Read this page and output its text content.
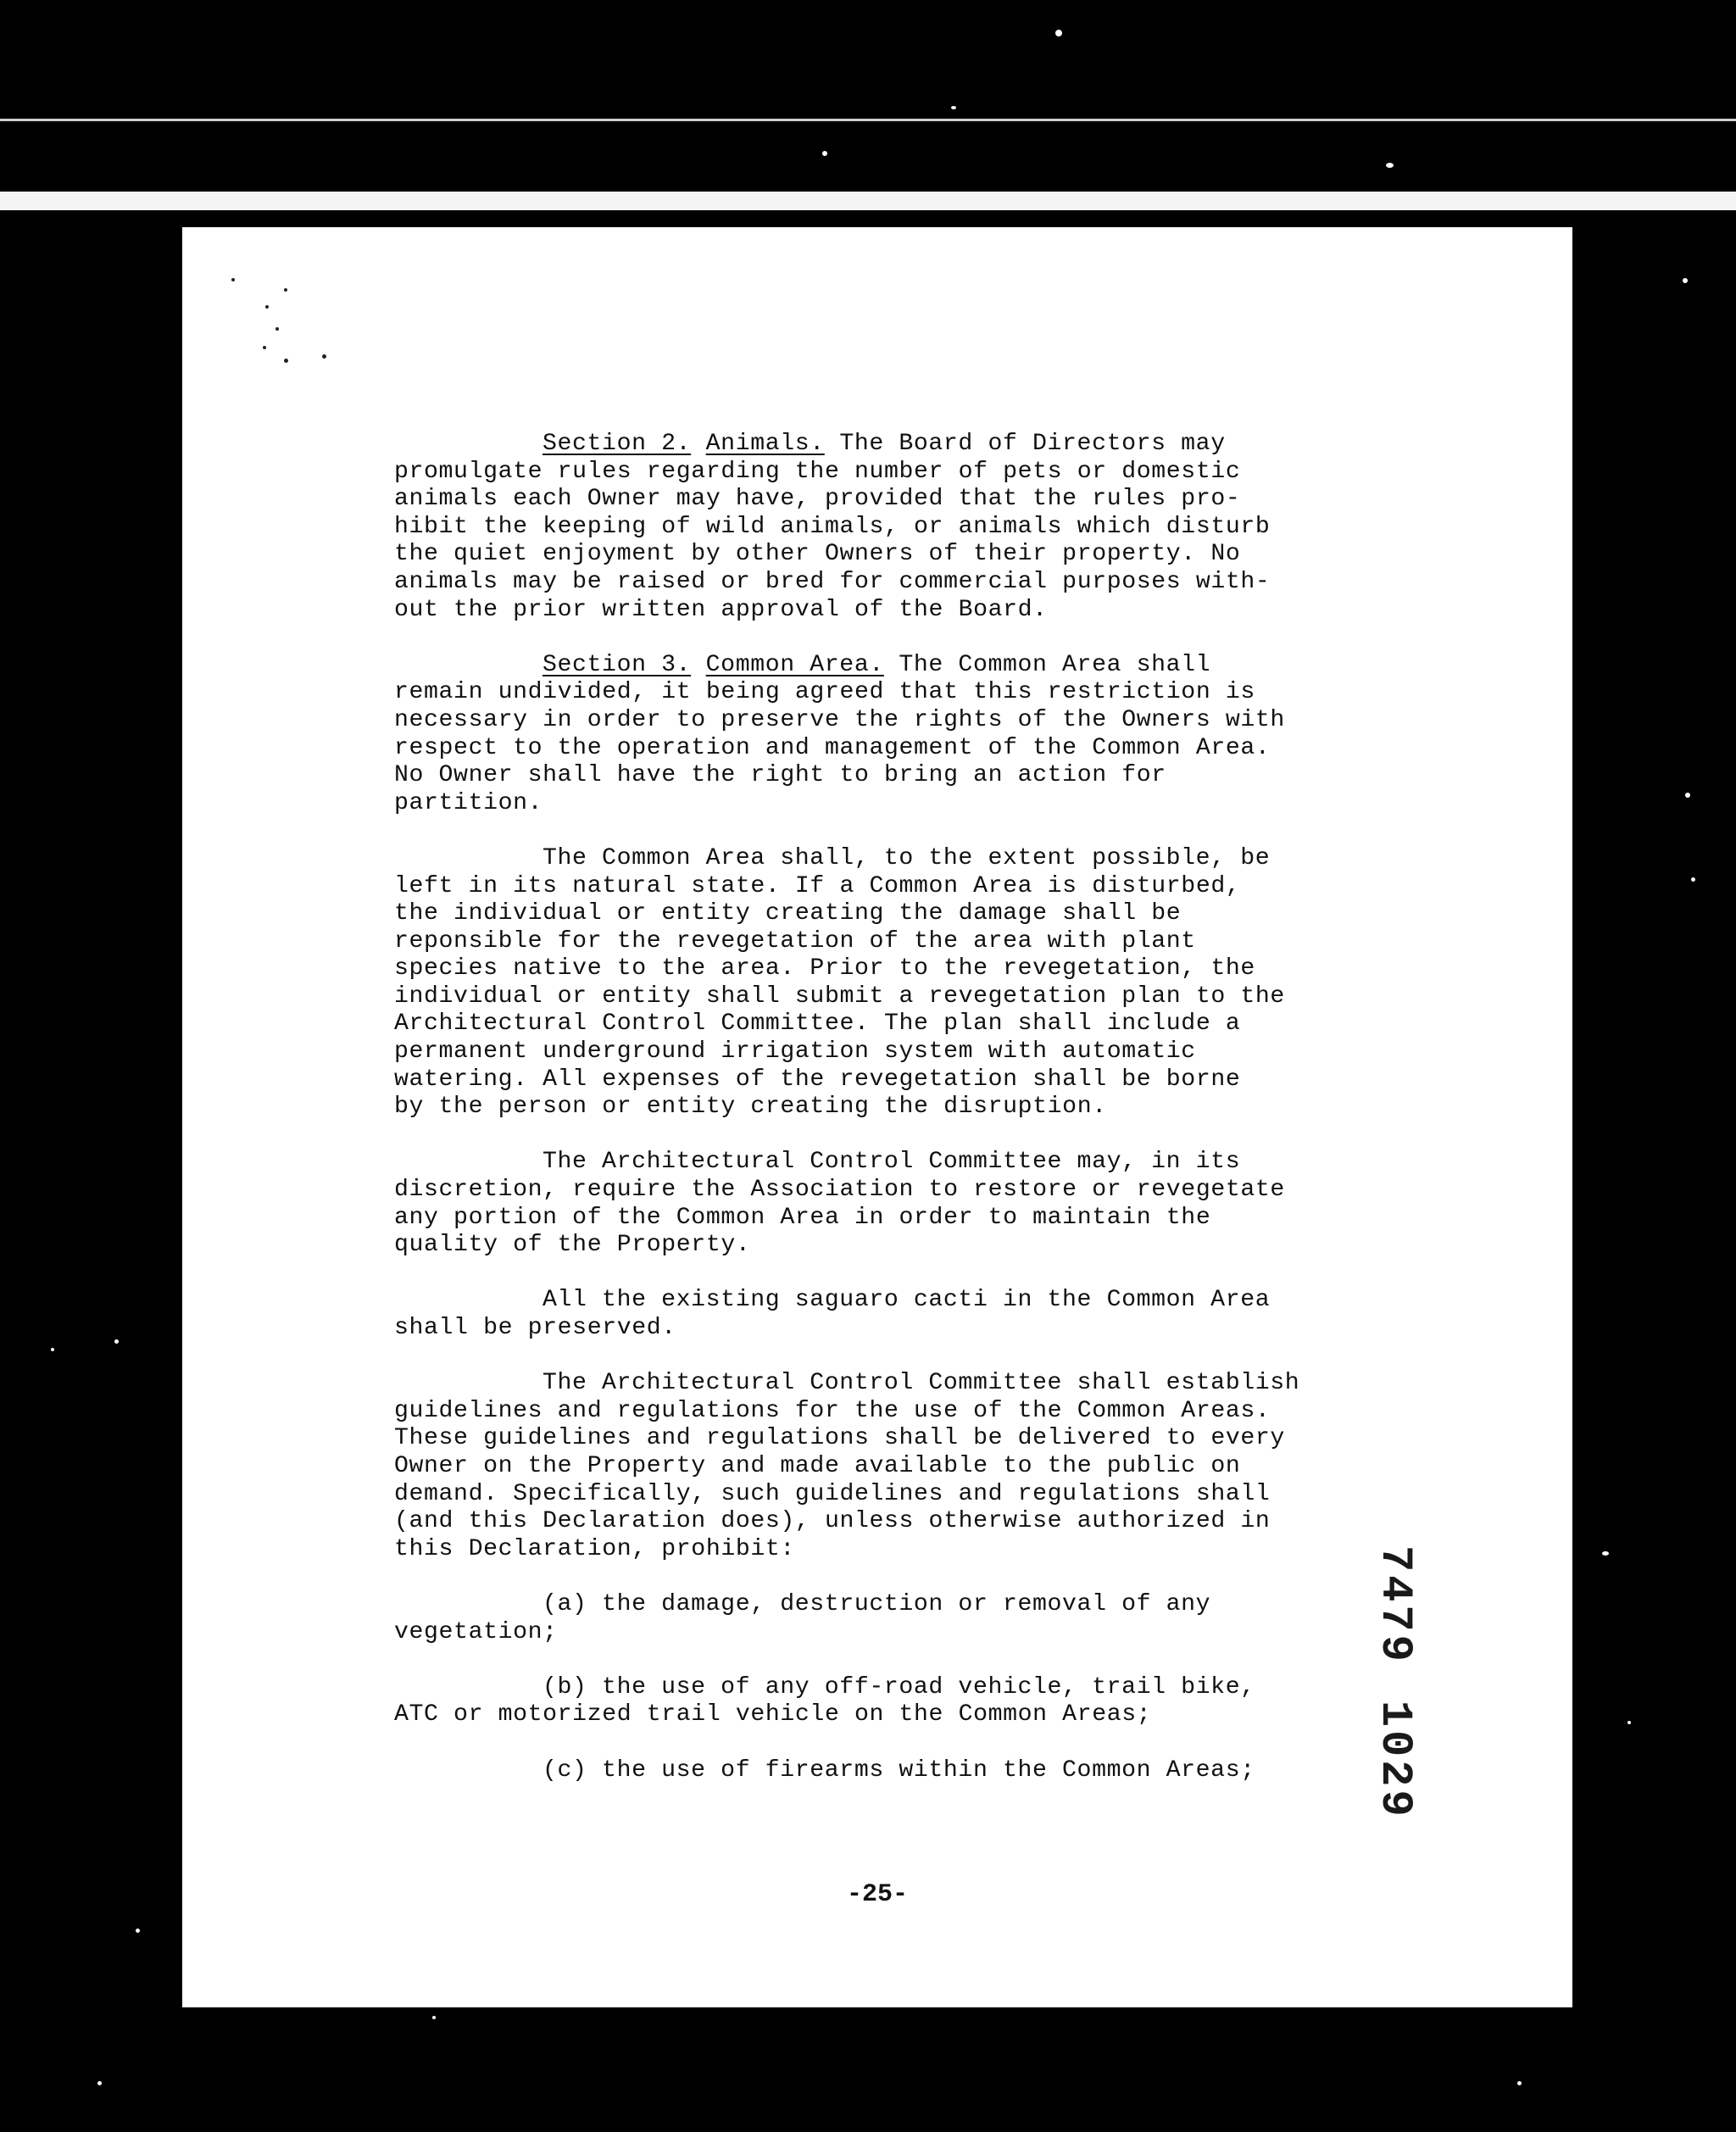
Section 2. Animals. The Board of Directors may
promulgate rules regarding the number of pets or domestic
animals each Owner may have, provided that the rules pro-
hibit the keeping of wild animals, or animals which disturb
the quiet enjoyment by other Owners of their property. No
animals may be raised or bred for commercial purposes with-
out the prior written approval of the Board.
Section 3. Common Area. The Common Area shall
remain undivided, it being agreed that this restriction is
necessary in order to preserve the rights of the Owners with
respect to the operation and management of the Common Area.
No Owner shall have the right to bring an action for
partition.
The Common Area shall, to the extent possible, be
left in its natural state. If a Common Area is disturbed,
the individual or entity creating the damage shall be
reponsible for the revegetation of the area with plant
species native to the area. Prior to the revegetation, the
individual or entity shall submit a revegetation plan to the
Architectural Control Committee. The plan shall include a
permanent underground irrigation system with automatic
watering. All expenses of the revegetation shall be borne
by the person or entity creating the disruption.
The Architectural Control Committee may, in its
discretion, require the Association to restore or revegetate
any portion of the Common Area in order to maintain the
quality of the Property.
All the existing saguaro cacti in the Common Area
shall be preserved.
The Architectural Control Committee shall establish
guidelines and regulations for the use of the Common Areas.
These guidelines and regulations shall be delivered to every
Owner on the Property and made available to the public on
demand. Specifically, such guidelines and regulations shall
(and this Declaration does), unless otherwise authorized in
this Declaration, prohibit:
(a) the damage, destruction or removal of any
vegetation;
(b) the use of any off-road vehicle, trail bike,
ATC or motorized trail vehicle on the Common Areas;
(c) the use of firearms within the Common Areas;
-25-
74791029
